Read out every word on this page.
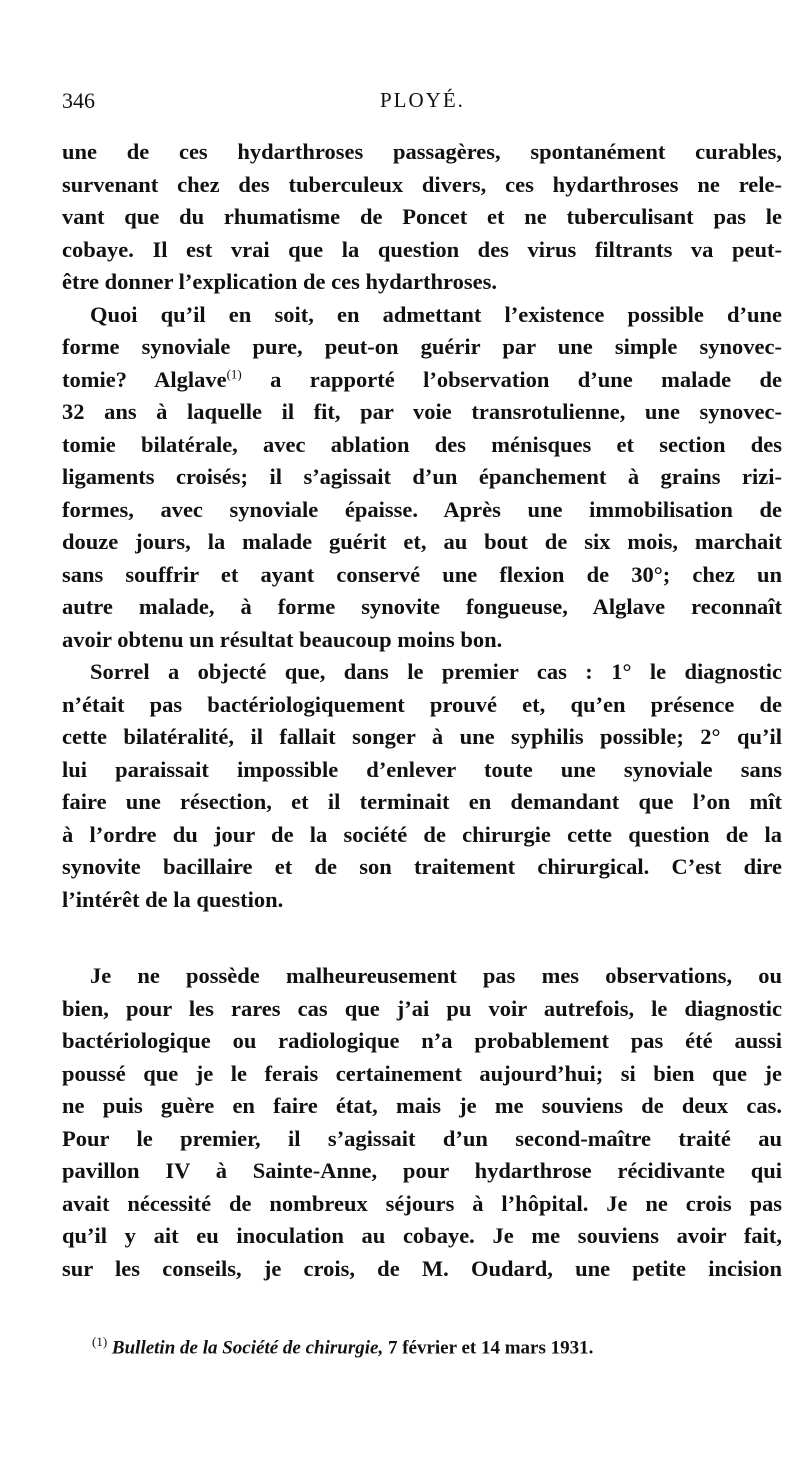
346	PLOYÉ.
une de ces hydarthroses passagères, spontanément curables,
survenant chez des tuberculeux divers, ces hydarthroses ne rele-
vant que du rhumatisme de Poncet et ne tuberculisant pas le
cobaye. Il est vrai que la question des virus filtrants va peut-
être donner l’explication de ces hydarthroses.
Quoi qu’il en soit, en admettant l’existence possible d’une
forme synoviale pure, peut-on guérir par une simple synovec-
tomie? Alglave$^{(1)}$ a rapporté l’observation d’une malade de
32 ans à laquelle il fit, par voie transrotulienne, une synovec-
tomie bilatérale, avec ablation des ménisques et section des
ligaments croisés; il s’agissait d’un épanchement à grains rizi-
formes, avec synoviale épaisse. Après une immobilisation de
douze jours, la malade guérit et, au bout de six mois, marchait
sans souffrir et ayant conservé une flexion de 30°; chez un
autre malade, à forme synovite fongueuse, Alglave reconnaît
avoir obtenu un résultat beaucoup moins bon.
Sorrel a objecté que, dans le premier cas : 1° le diagnostic
n’était pas bactériologiquement prouvé et, qu’en présence de
cette bilatéralité, il fallait songer à une syphilis possible; 2° qu’il
lui paraissait impossible d’enlever toute une synoviale sans
faire une résection, et il terminait en demandant que l’on mît
à l’ordre du jour de la société de chirurgie cette question de la
synovite bacillaire et de son traitement chirurgical. C’est dire
l’intérêt de la question.
Je ne possède malheureusement pas mes observations, ou
bien, pour les rares cas que j’ai pu voir autrefois, le diagnostic
bactériologique ou radiologique n’a probablement pas été aussi
poussé que je le ferais certainement aujourd’hui; si bien que je
ne puis guère en faire état, mais je me souviens de deux cas.
Pour le premier, il s’agissait d’un second-maître traité au
pavillon IV à Sainte-Anne, pour hydarthrose récidivante qui
avait nécessité de nombreux séjours à l’hôpital. Je ne crois pas
qu’il y ait eu inoculation au cobaye. Je me souviens avoir fait,
sur les conseils, je crois, de M. Oudard, une petite incision
$^{(1)}$ Bulletin de la Société de chirurgie, 7 février et 14 mars 1931.
